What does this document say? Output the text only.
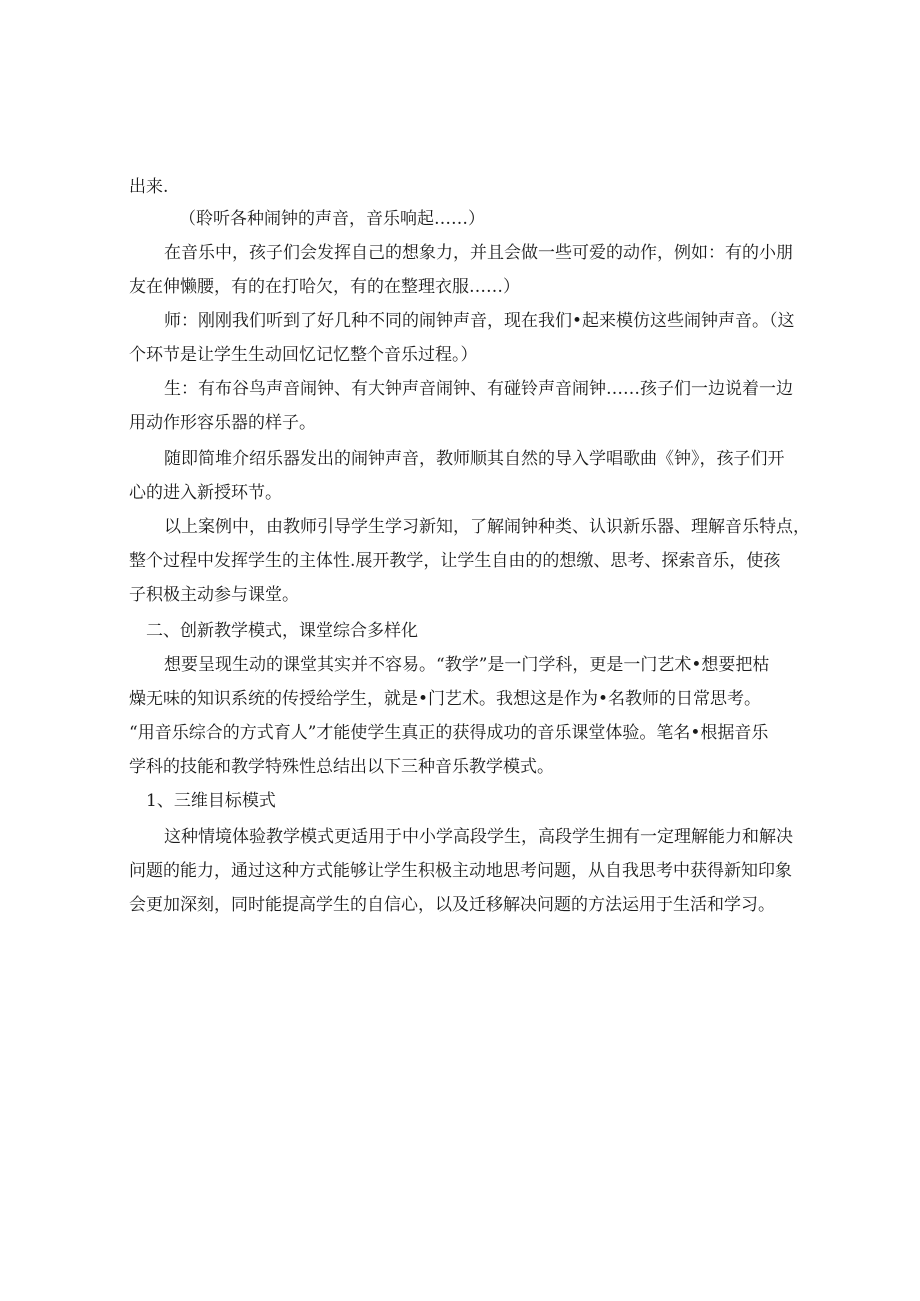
出来.

（聆听各种闹钟的声音，音乐响起……）

在音乐中，孩子们会发挥自己的想象力，并且会做一些可爱的动作，例如：有的小朋

友在伸懒腰，有的在打哈欠，有的在整理衣服……）

师：刚刚我们听到了好几种不同的闹钟声音，现在我们•起来模仿这些闹钟声音。（这

个环节是让学生生动回忆记忆整个音乐过程。）

生：有布谷鸟声音闹钟、有大钟声音闹钟、有碰铃声音闹钟……孩子们一边说着一边

用动作形容乐器的样子。

随即简堆介绍乐器发出的闹钟声音，教师顺其自然的导入学唱歌曲《钟》，孩子们开

心的进入新授环节。

以上案例中，由教师引导学生学习新知，了解闹钟种类、认识新乐器、理解音乐特点，

整个过程中发挥学生的主体性.展开教学，让学生自由的的想缴、思考、探索音乐，使孩

子积极主动参与课堂。

二、创新教学模式，课堂综合多样化

想要呈现生动的课堂其实并不容易。“教学”是一门学科，更是一门艺术•想要把枯

燥无味的知识系统的传授给学生，就是•门艺术。我想这是作为•名教师的日常思考。

“用音乐综合的方式育人”才能使学生真正的获得成功的音乐课堂体验。笔名•根据音乐

学科的技能和教学特殊性总结出以下三种音乐教学模式。

1、三维目标模式

这种情境体验教学模式更适用于中小学高段学生，高段学生拥有一定理解能力和解决

问题的能力，通过这种方式能够让学生积极主动地思考问题，从自我思考中获得新知印象

会更加深刻，同时能提高学生的自信心，以及迁移解决问题的方法运用于生活和学习。
